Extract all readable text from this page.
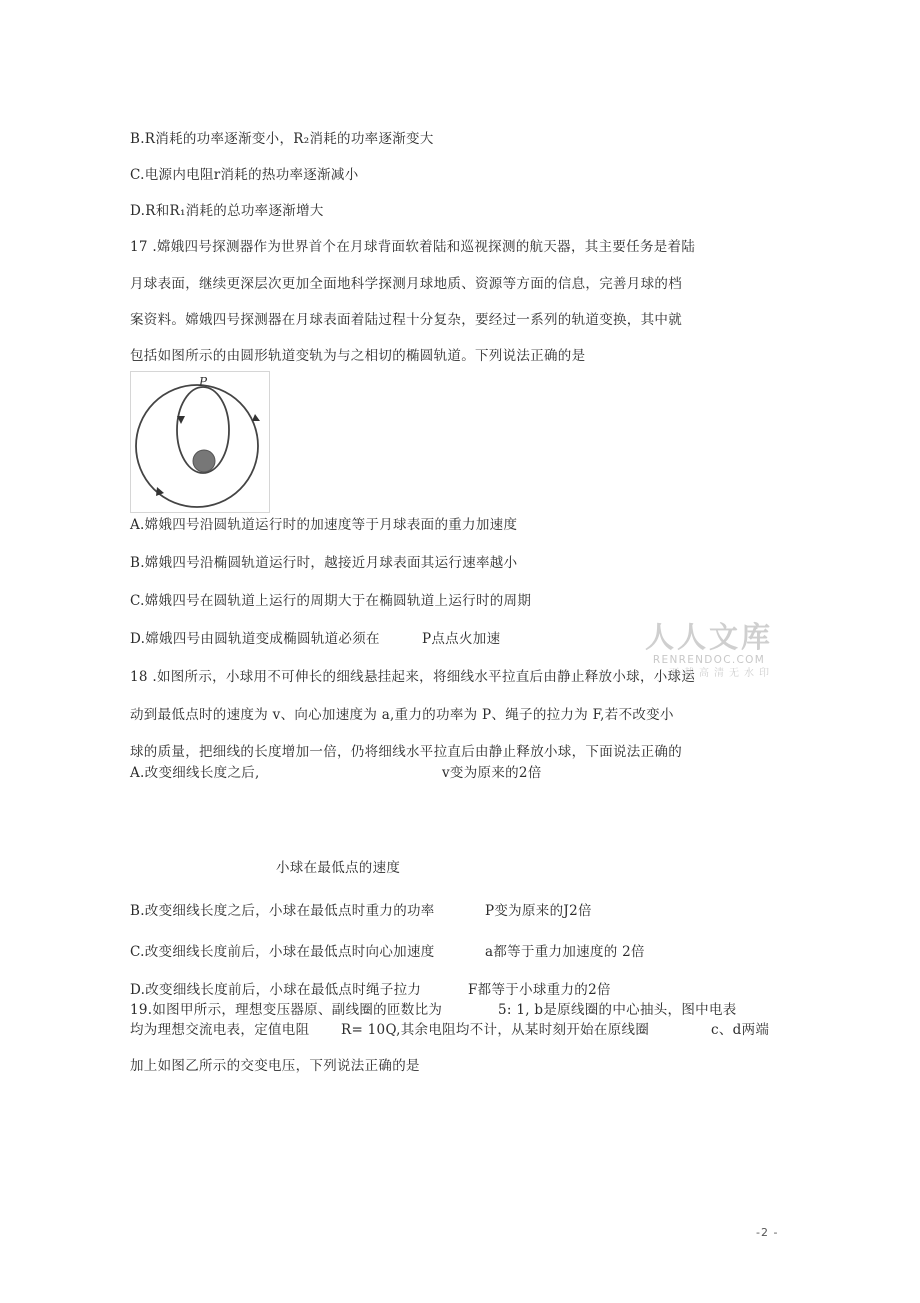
B.R消耗的功率逐渐变小，R₂消耗的功率逐渐变大
C.电源内电阻r消耗的热功率逐渐减小
D.R和R₁消耗的总功率逐渐增大
17 .嫦娥四号探测器作为世界首个在月球背面软着陆和巡视探测的航天器，其主要任务是着陆
月球表面，继续更深层次更加全面地科学探测月球地质、资源等方面的信息，完善月球的档
案资料。嫦娥四号探测器在月球表面着陆过程十分复杂，要经过一系列的轨道变换，其中就
包括如图所示的由圆形轨道变轨为与之相切的椭圆轨道。下列说法正确的是
P
A.嫦娥四号沿圆轨道运行时的加速度等于月球表面的重力加速度
B.嫦娥四号沿椭圆轨道运行时，越接近月球表面其运行速率越小
C.嫦娥四号在圆轨道上运行的周期大于在椭圆轨道上运行时的周期
D.嫦娥四号由圆轨道变成椭圆轨道必须在	P点点火加速	人人文库
RENRENDOC.COM
下载高清无水印
18 .如图所示，小球用不可伸长的细线悬挂起来，将细线水平拉直后由静止释放小球，小球运
动到最低点时的速度为 v、向心加速度为 a,重力的功率为 P、绳子的拉力为 F,若不改变小
球的质量，把细线的长度增加一倍，仍将细线水平拉直后由静止释放小球，下面说法正确的
A.改变细线长度之后,	v变为原来的2倍
小球在最低点的速度
B.改变细线长度之后，小球在最低点时重力的功率	P变为原来的J2倍
C.改变细线长度前后，小球在最低点时向心加速度	a都等于重力加速度的 2倍
D.改变细线长度前后，小球在最低点时绳子拉力	F都等于小球重力的2倍
19.如图甲所示，理想变压器原、副线圈的匝数比为	5: 1, b是原线圈的中心抽头，图中电表
均为理想交流电表，定值电阻 R= 10Q,其余电阻均不计，从某时刻开始在原线圈	c、d两端
加上如图乙所示的交变电压，下列说法正确的是
-2 -
